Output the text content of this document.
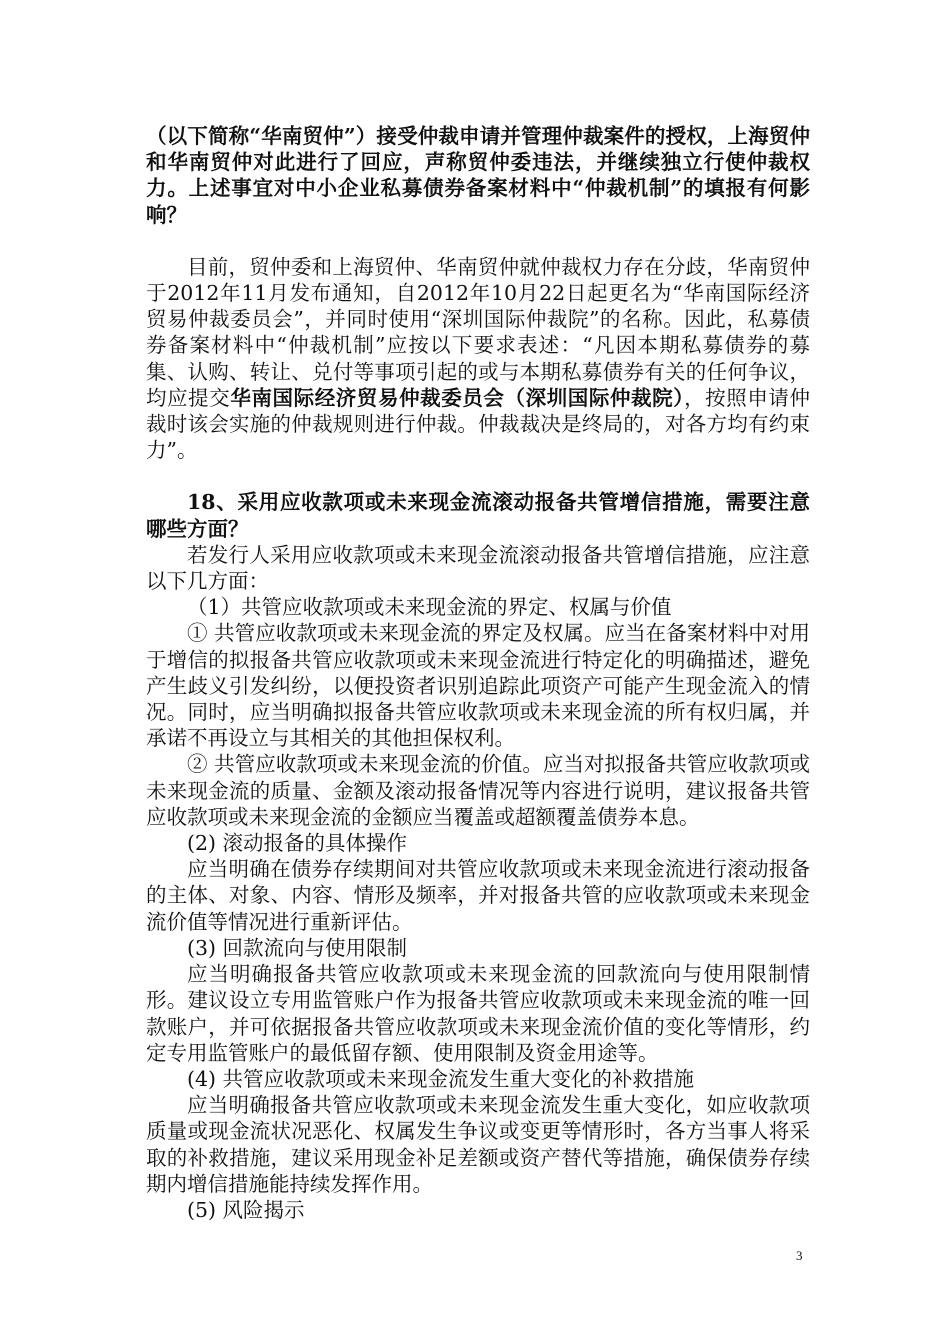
（以下简称“华南贸仲”）接受仲裁申请并管理仲裁案件的授权，上海贸仲和华南贸仲对此进行了回应，声称贸仲委违法，并继续独立行使仲裁权力。上述事宜对中小企业私募债券备案材料中“仲裁机制”的填报有何影响？

目前，贸仲委和上海贸仲、华南贸仲就仲裁权力存在分歧，华南贸仲于2012年11月发布通知，自2012年10月22日起更名为“华南国际经济贸易仲裁委员会”，并同时使用“深圳国际仲裁院”的名称。因此，私募债券备案材料中“仲裁机制”应按以下要求表述：“凡因本期私募债券的募集、认购、转让、兑付等事项引起的或与本期私募债券有关的任何争议，均应提交华南国际经济贸易仲裁委员会（深圳国际仲裁院），按照申请仲裁时该会实施的仲裁规则进行仲裁。仲裁裁决是终局的，对各方均有约束力”。

18、采用应收款项或未来现金流滚动报备共管增信措施，需要注意哪些方面？

若发行人采用应收款项或未来现金流滚动报备共管增信措施，应注意以下几方面：

（1）共管应收款项或未来现金流的界定、权属与价值

① 共管应收款项或未来现金流的界定及权属。应当在备案材料中对用于增信的拟报备共管应收款项或未来现金流进行特定化的明确描述，避免产生歧义引发纠纷，以便投资者识别追踪此项资产可能产生现金流入的情况。同时，应当明确拟报备共管应收款项或未来现金流的所有权归属，并承诺不再设立与其相关的其他担保权利。

② 共管应收款项或未来现金流的价值。应当对拟报备共管应收款项或未来现金流的质量、金额及滚动报备情况等内容进行说明，建议报备共管应收款项或未来现金流的金额应当覆盖或超额覆盖债券本息。

(2) 滚动报备的具体操作

应当明确在债券存续期间对共管应收款项或未来现金流进行滚动报备的主体、对象、内容、情形及频率，并对报备共管的应收款项或未来现金流价值等情况进行重新评估。

(3) 回款流向与使用限制

应当明确报备共管应收款项或未来现金流的回款流向与使用限制情形。建议设立专用监管账户作为报备共管应收款项或未来现金流的唯一回款账户，并可依据报备共管应收款项或未来现金流价值的变化等情形，约定专用监管账户的最低留存额、使用限制及资金用途等。

(4) 共管应收款项或未来现金流发生重大变化的补救措施

应当明确报备共管应收款项或未来现金流发生重大变化，如应收款项质量或现金流状况恶化、权属发生争议或变更等情形时，各方当事人将采取的补救措施，建议采用现金补足差额或资产替代等措施，确保债券存续期内增信措施能持续发挥作用。

(5) 风险揭示

3
